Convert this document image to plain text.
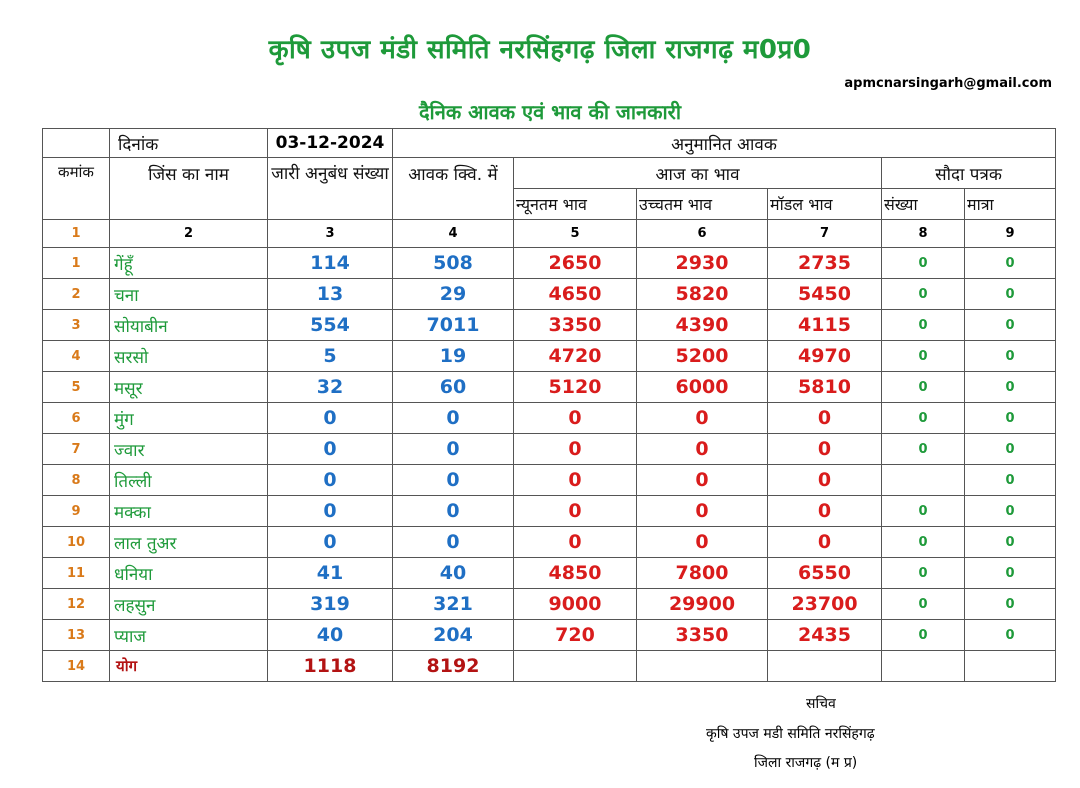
कृषि उपज मंडी समिति नरसिंहगढ़ जिला राजगढ़ म0प्र0
apmcnarsingarh@gmail.com
दैनिक आवक एवं भाव की जानकारी
	दिनांक	03-12-2024	अनुमानित आवक					
कमांक	जिंस का नाम	जारी अनुबंध संख्या	आवक क्वि. में	आज का भाव			सौदा पत्रक	
				न्यूनतम भाव	उच्चतम भाव	मॉडल भाव	संख्या	मात्रा
1	2	3	4	5	6	7	8	9
1	गेंहूँ	114	508	2650	2930	2735	0	0
2	चना	13	29	4650	5820	5450	0	0
3	सोयाबीन	554	7011	3350	4390	4115	0	0
4	सरसो	5	19	4720	5200	4970	0	0
5	मसूर	32	60	5120	6000	5810	0	0
6	मुंग	0	0	0	0	0	0	0
7	ज्वार	0	0	0	0	0	0	0
8	तिल्ली	0	0	0	0	0		0
9	मक्का	0	0	0	0	0	0	0
10	लाल तुअर	0	0	0	0	0	0	0
11	धनिया	41	40	4850	7800	6550	0	0
12	लहसुन	319	321	9000	29900	23700	0	0
13	प्याज	40	204	720	3350	2435	0	0
14	योग	1118	8192					
सचिव
कृषि उपज मडी समिति नरसिंहगढ़
जिला राजगढ़ (म प्र)
